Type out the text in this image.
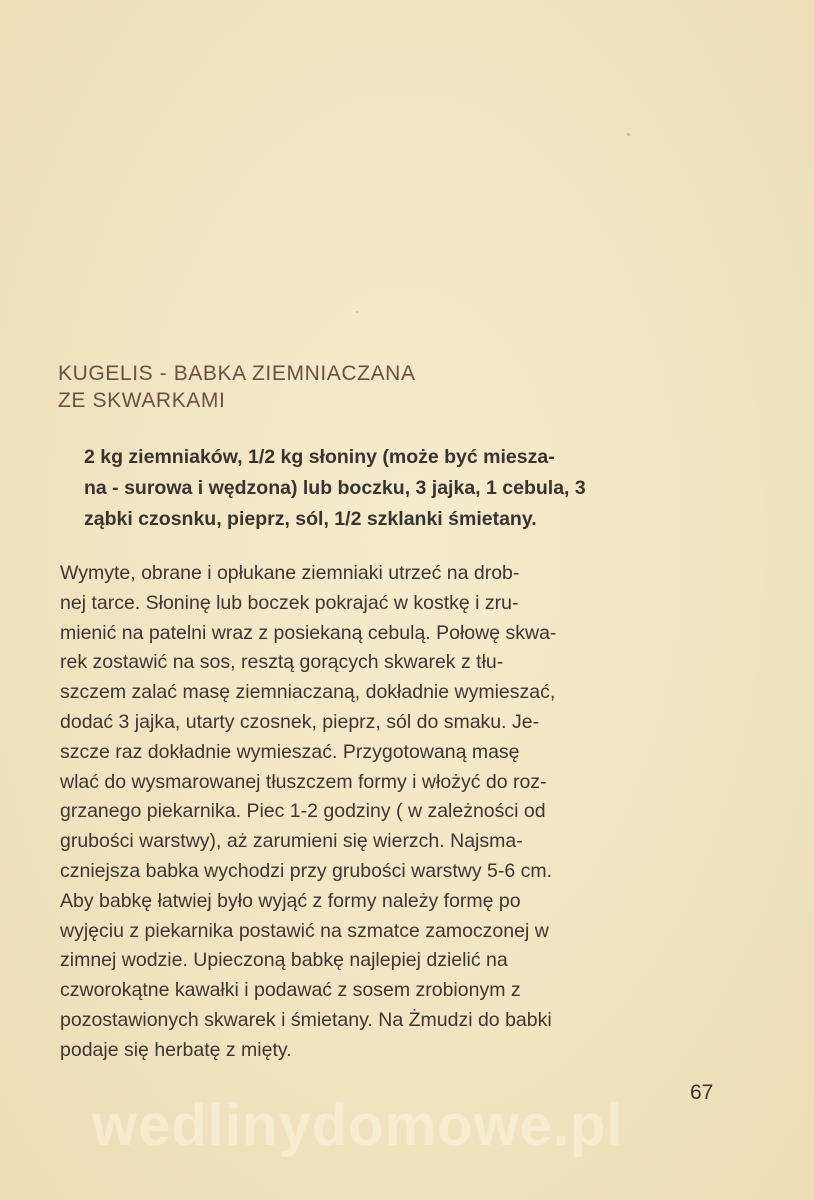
KUGELIS - BABKA ZIEMNIACZANA
ZE SKWARKAMI

2 kg ziemniaków, 1/2 kg słoniny (może być miesza-
na - surowa i wędzona) lub boczku, 3 jajka, 1 cebula, 3
ząbki czosnku, pieprz, sól, 1/2 szklanki śmietany.

Wymyte, obrane i opłukane ziemniaki utrzeć na drob-
nej tarce. Słoninę lub boczek pokrajać w kostkę i zru-
mienić na patelni wraz z posiekaną cebulą. Połowę skwa-
rek zostawić na sos, resztą gorących skwarek z tłu-
szczem zalać masę ziemniaczaną, dokładnie wymieszać,
dodać 3 jajka, utarty czosnek, pieprz, sól do smaku. Je-
szcze raz dokładnie wymieszać. Przygotowaną masę
wlać do wysmarowanej tłuszczem formy i włożyć do roz-
grzanego piekarnika. Piec 1-2 godziny ( w zależności od
grubości warstwy), aż zarumieni się wierzch. Najsma-
czniejsza babka wychodzi przy grubości warstwy 5-6 cm.
Aby babkę łatwiej było wyjąć z formy należy formę po
wyjęciu z piekarnika postawić na szmatce zamoczonej w
zimnej wodzie. Upieczoną babkę najlepiej dzielić na
czworokątne kawałki i podawać z sosem zrobionym z
pozostawionych skwarek i śmietany. Na Żmudzi do babki
podaje się herbatę z mięty.

wedlinydomowe.pl
67
